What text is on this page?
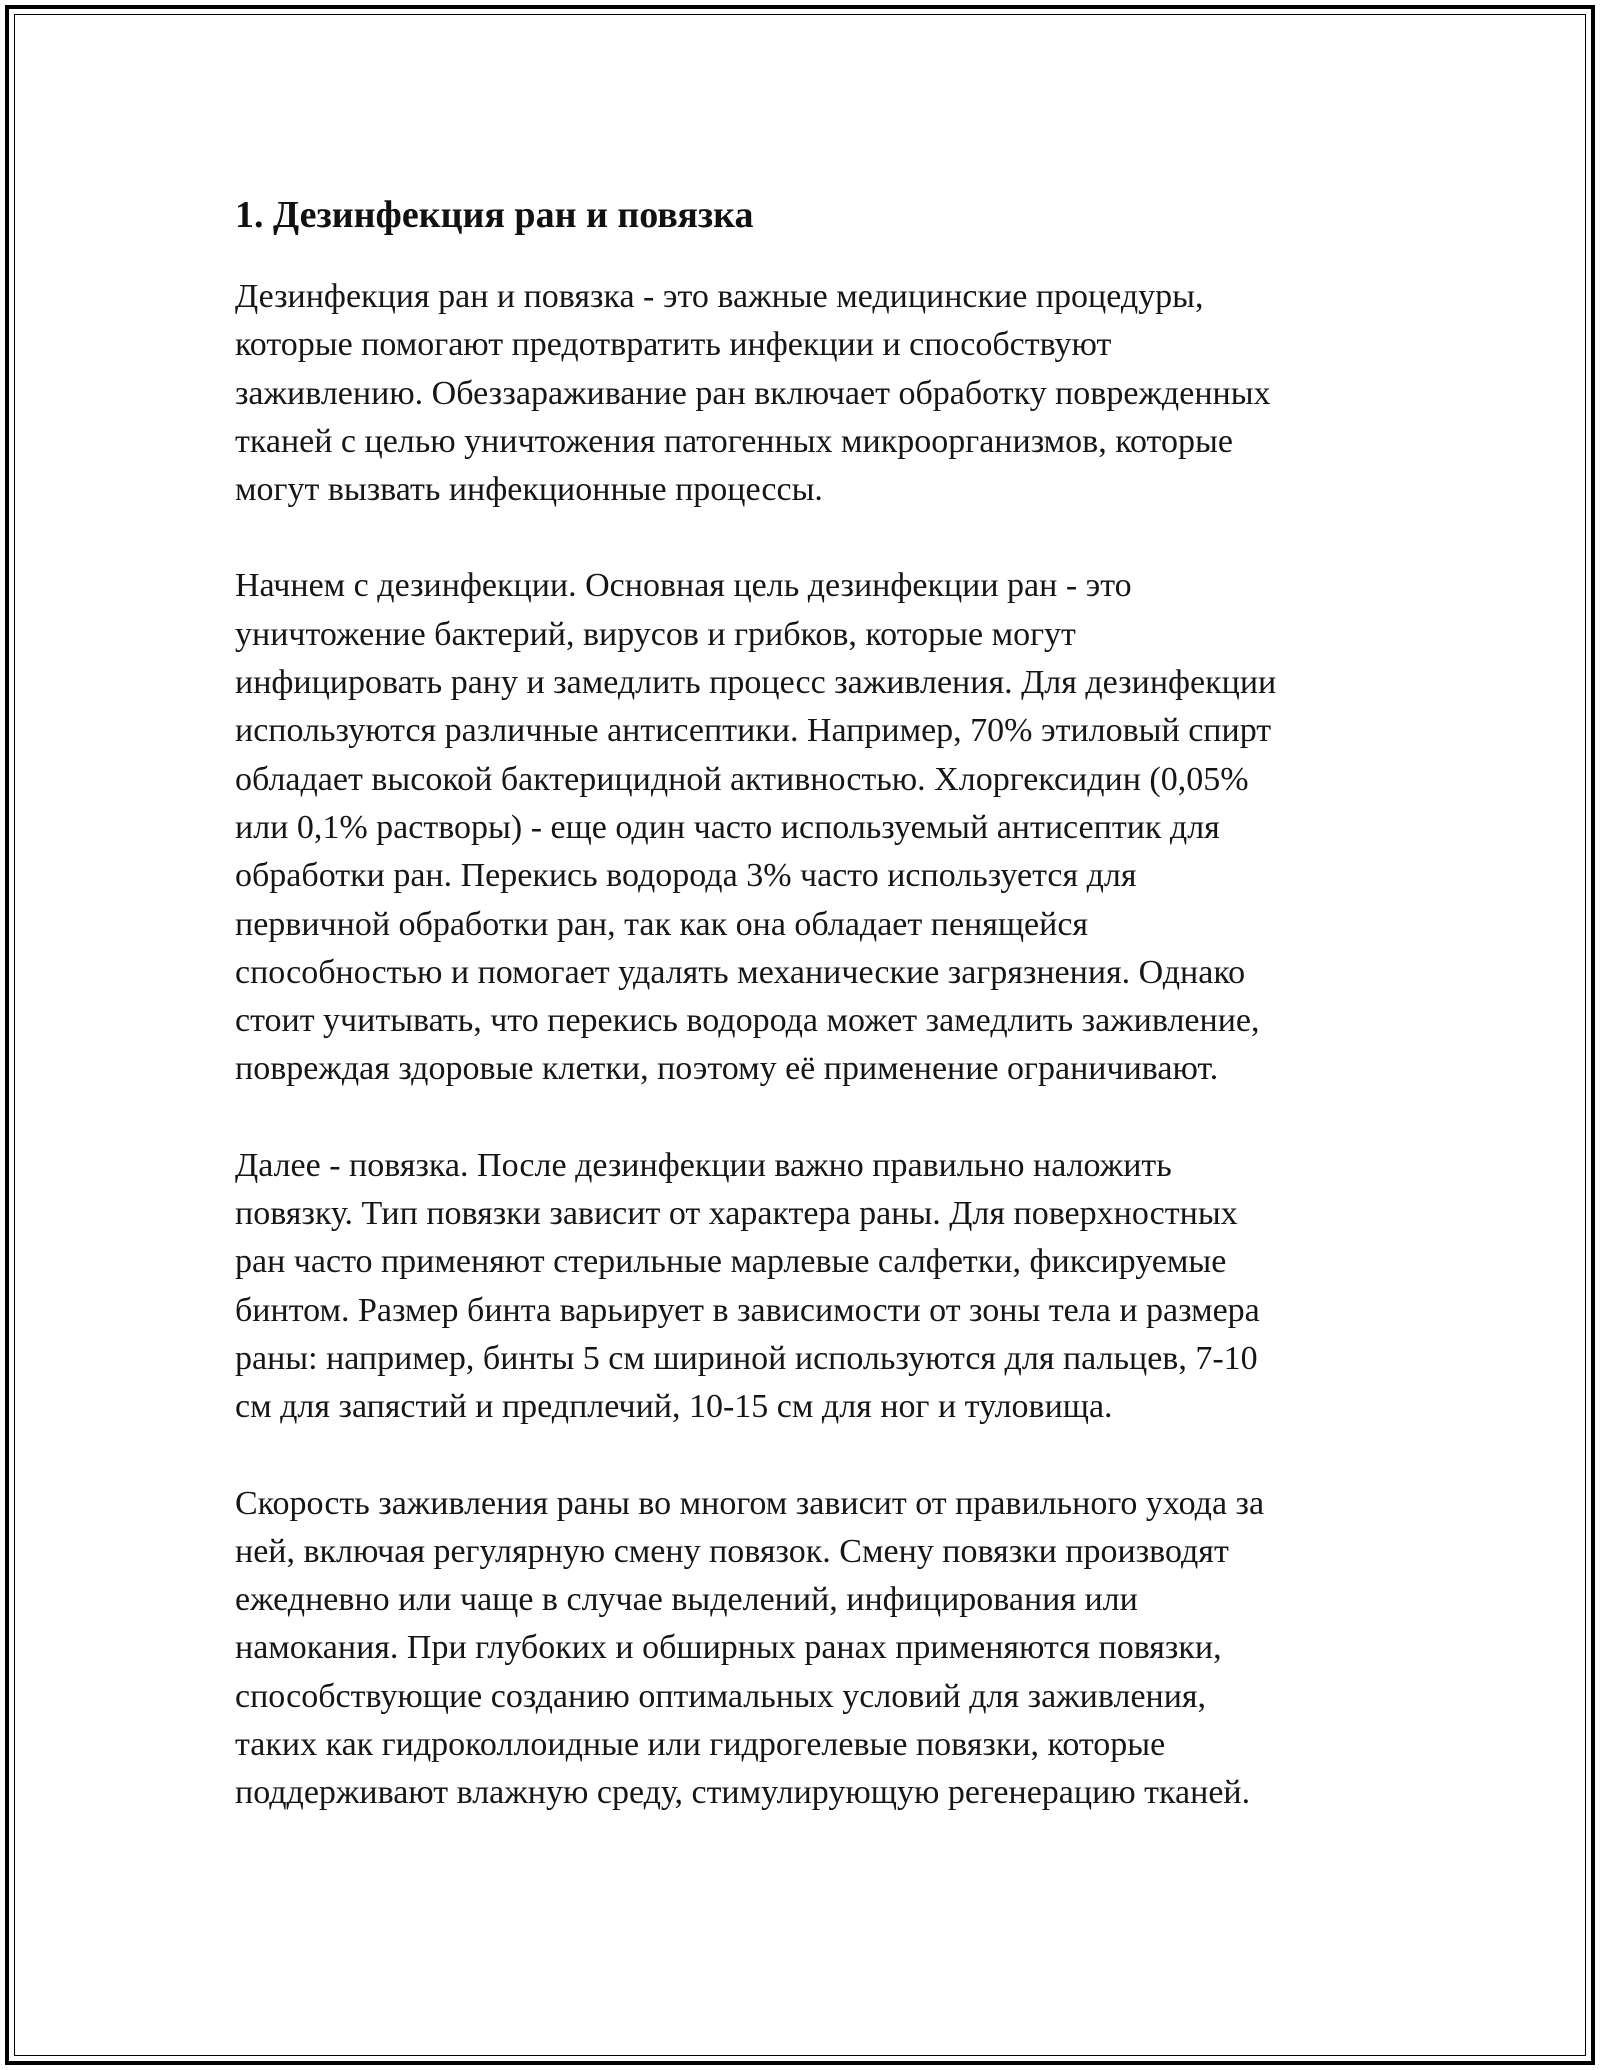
1. Дезинфекция ран и повязка

Дезинфекция ран и повязка - это важные медицинские процедуры,
которые помогают предотвратить инфекции и способствуют
заживлению. Обеззараживание ран включает обработку поврежденных
тканей с целью уничтожения патогенных микроорганизмов, которые
могут вызвать инфекционные процессы.

Начнем с дезинфекции. Основная цель дезинфекции ран - это
уничтожение бактерий, вирусов и грибков, которые могут
инфицировать рану и замедлить процесс заживления. Для дезинфекции
используются различные антисептики. Например, 70% этиловый спирт
обладает высокой бактерицидной активностью. Хлоргексидин (0,05%
или 0,1% растворы) - еще один часто используемый антисептик для
обработки ран. Перекись водорода 3% часто используется для
первичной обработки ран, так как она обладает пенящейся
способностью и помогает удалять механические загрязнения. Однако
стоит учитывать, что перекись водорода может замедлить заживление,
повреждая здоровые клетки, поэтому её применение ограничивают.

Далее - повязка. После дезинфекции важно правильно наложить
повязку. Тип повязки зависит от характера раны. Для поверхностных
ран часто применяют стерильные марлевые салфетки, фиксируемые
бинтом. Размер бинта варьирует в зависимости от зоны тела и размера
раны: например, бинты 5 см шириной используются для пальцев, 7-10
см для запястий и предплечий, 10-15 см для ног и туловища.

Скорость заживления раны во многом зависит от правильного ухода за
ней, включая регулярную смену повязок. Смену повязки производят
ежедневно или чаще в случае выделений, инфицирования или
намокания. При глубоких и обширных ранах применяются повязки,
способствующие созданию оптимальных условий для заживления,
таких как гидроколлоидные или гидрогелевые повязки, которые
поддерживают влажную среду, стимулирующую регенерацию тканей.
